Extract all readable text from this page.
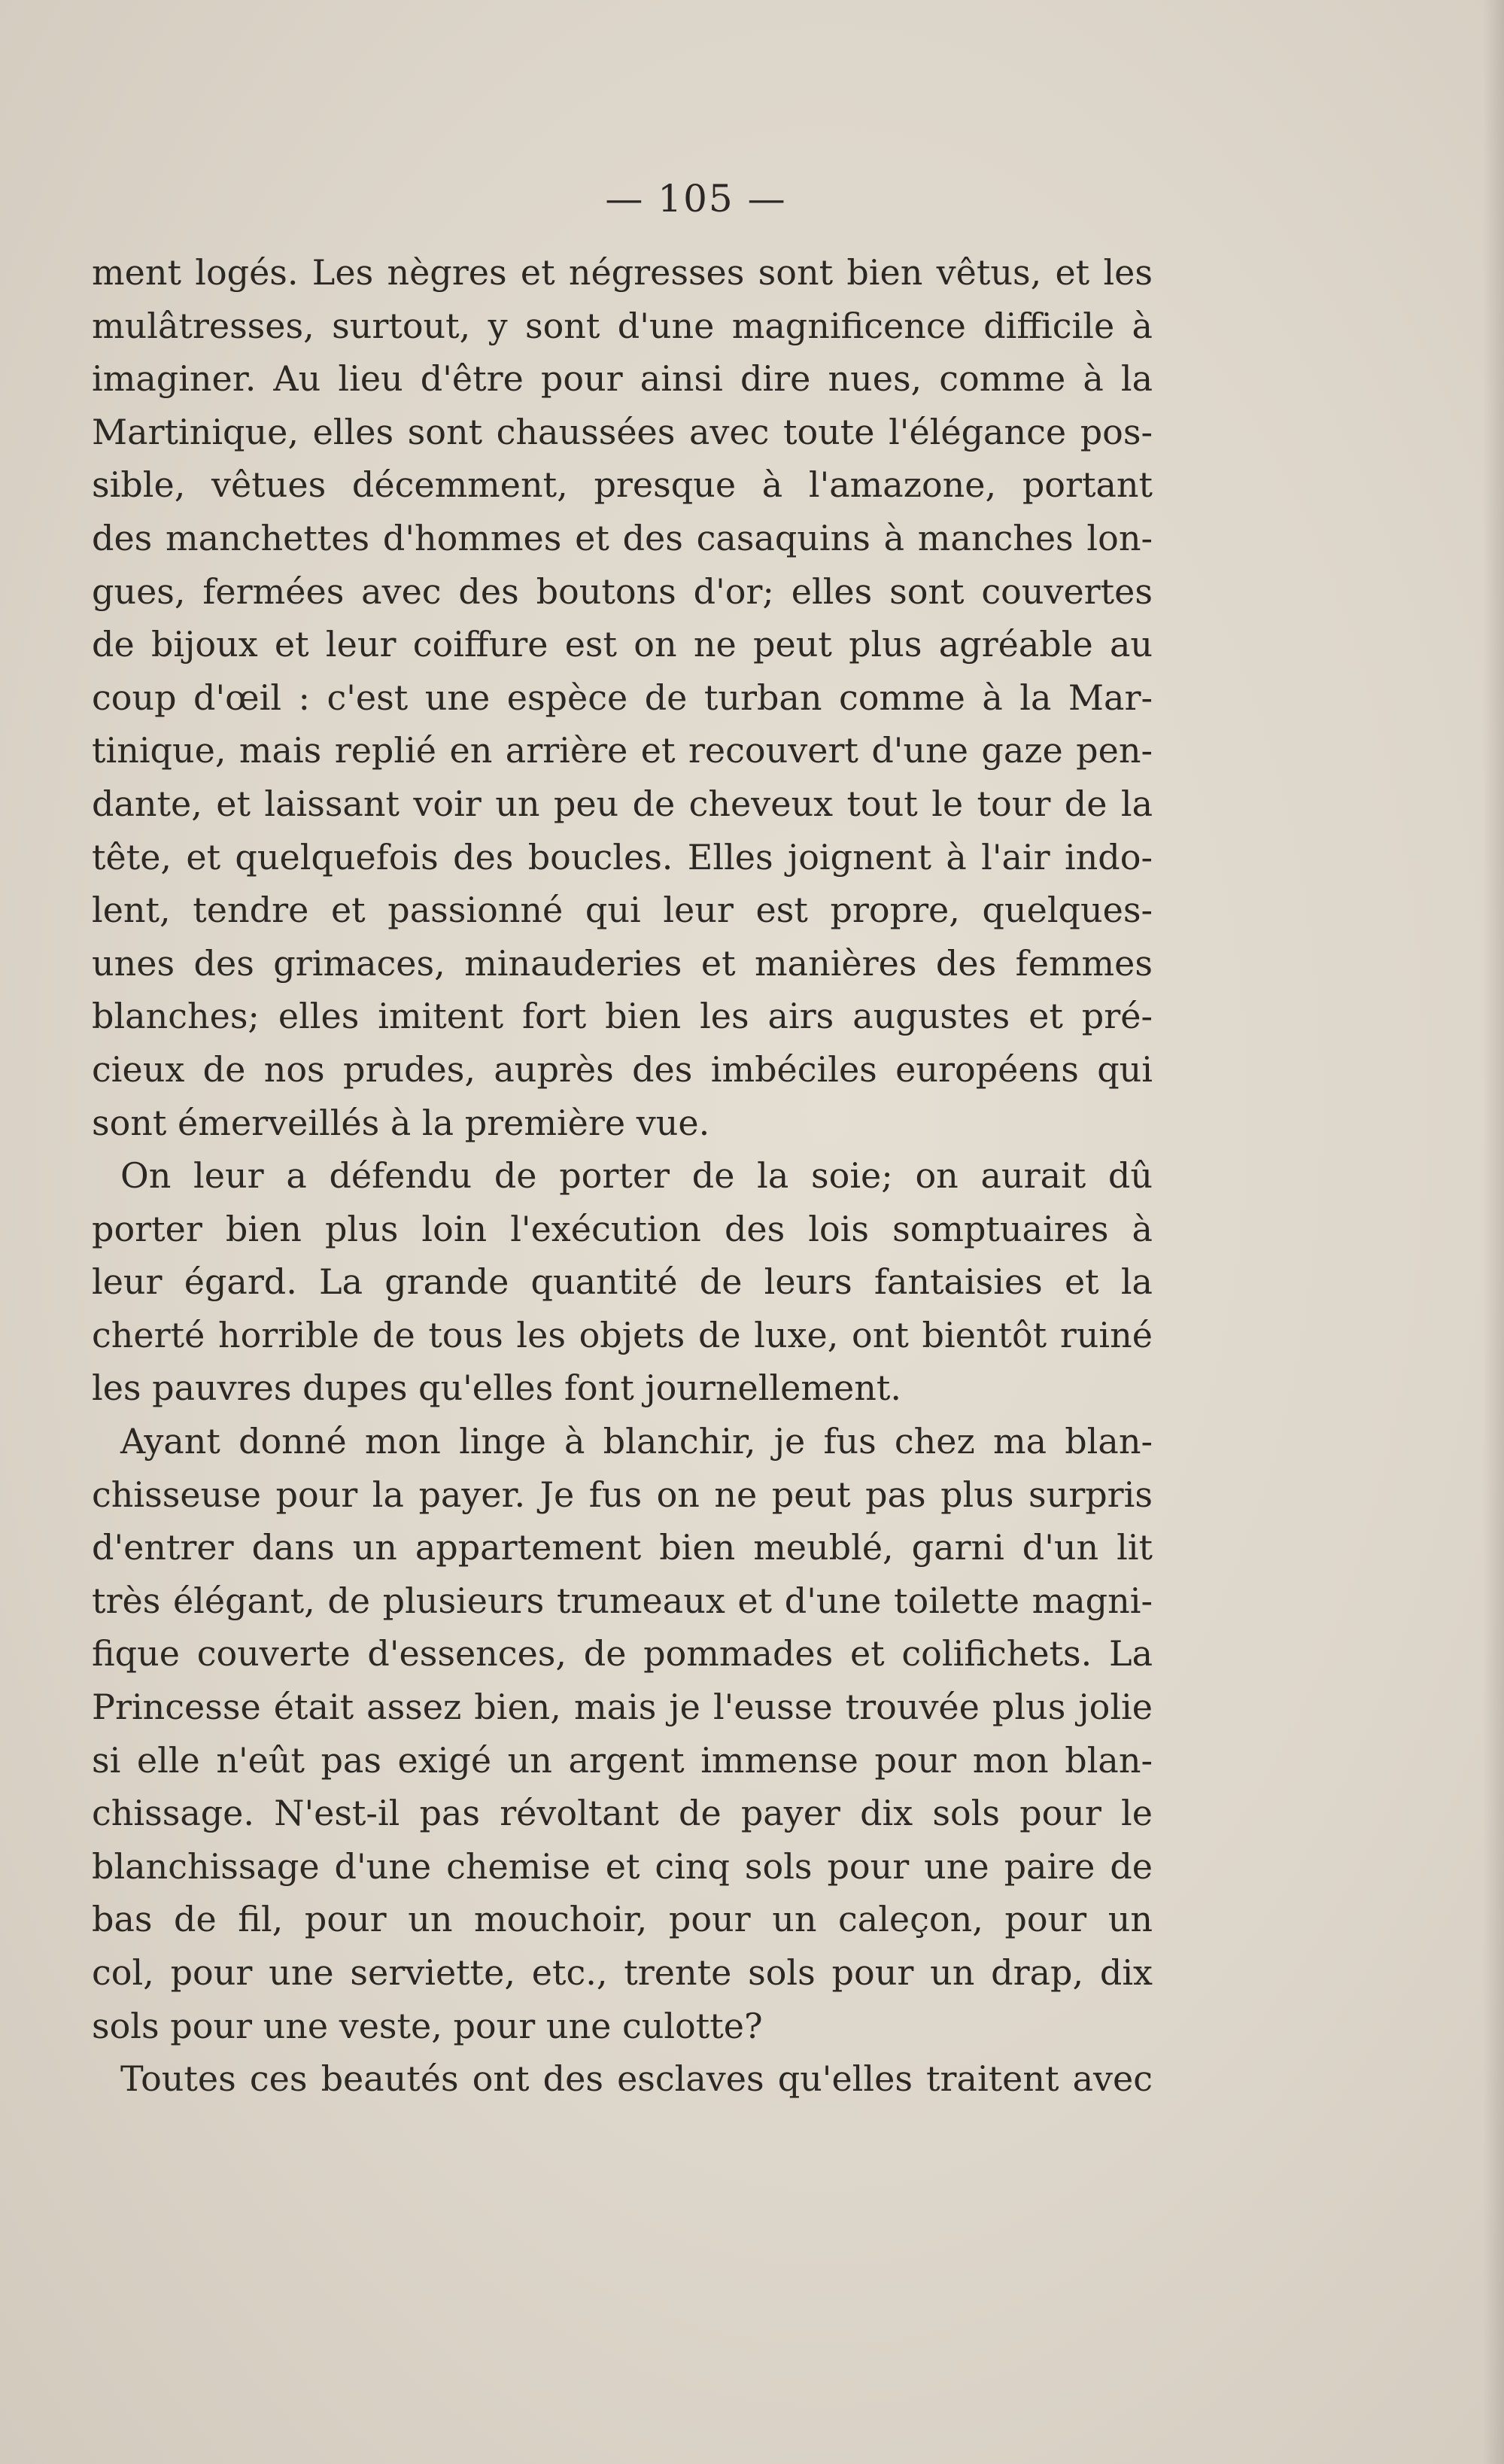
— 105 —
ment logés. Les nègres et négresses sont bien vêtus, et les
mulâtresses, surtout, y sont d'une magnificence difficile à
imaginer. Au lieu d'être pour ainsi dire nues, comme à la
Martinique, elles sont chaussées avec toute l'élégance pos-
sible, vêtues décemment, presque à l'amazone, portant
des manchettes d'hommes et des casaquins à manches lon-
gues, fermées avec des boutons d'or; elles sont couvertes
de bijoux et leur coiffure est on ne peut plus agréable au
coup d'œil : c'est une espèce de turban comme à la Mar-
tinique, mais replié en arrière et recouvert d'une gaze pen-
dante, et laissant voir un peu de cheveux tout le tour de la
tête, et quelquefois des boucles. Elles joignent à l'air indo-
lent, tendre et passionné qui leur est propre, quelques-
unes des grimaces, minauderies et manières des femmes
blanches; elles imitent fort bien les airs augustes et pré-
cieux de nos prudes, auprès des imbéciles européens qui
sont émerveillés à la première vue.
On leur a défendu de porter de la soie; on aurait dû
porter bien plus loin l'exécution des lois somptuaires à
leur égard. La grande quantité de leurs fantaisies et la
cherté horrible de tous les objets de luxe, ont bientôt ruiné
les pauvres dupes qu'elles font journellement.
Ayant donné mon linge à blanchir, je fus chez ma blan-
chisseuse pour la payer. Je fus on ne peut pas plus surpris
d'entrer dans un appartement bien meublé, garni d'un lit
très élégant, de plusieurs trumeaux et d'une toilette magni-
fique couverte d'essences, de pommades et colifichets. La
Princesse était assez bien, mais je l'eusse trouvée plus jolie
si elle n'eût pas exigé un argent immense pour mon blan-
chissage. N'est-il pas révoltant de payer dix sols pour le
blanchissage d'une chemise et cinq sols pour une paire de
bas de fil, pour un mouchoir, pour un caleçon, pour un
col, pour une serviette, etc., trente sols pour un drap, dix
sols pour une veste, pour une culotte?
Toutes ces beautés ont des esclaves qu'elles traitent avec
